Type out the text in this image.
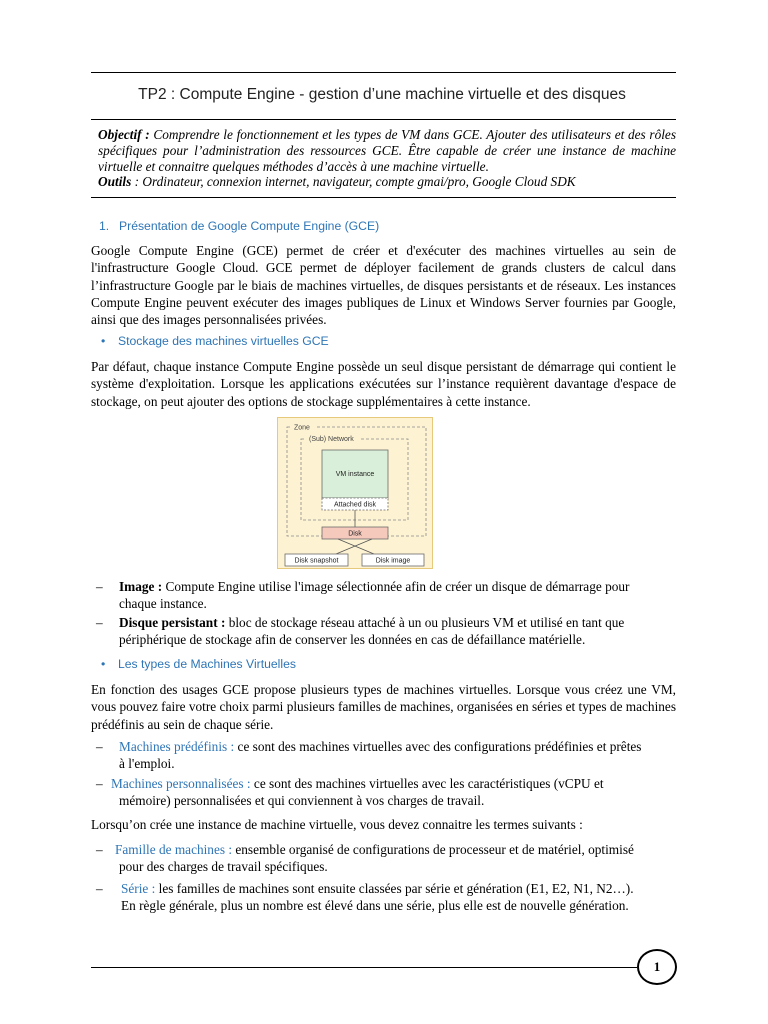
TP2 : Compute Engine - gestion d’une machine virtuelle et des disques
Objectif : Comprendre le fonctionnement et les types de VM dans GCE. Ajouter des utilisateurs et des rôles spécifiques pour l’administration des ressources GCE. Être capable de créer une instance de machine virtuelle et connaitre quelques méthodes d’accès à une machine virtuelle.
Outils : Ordinateur, connexion internet, navigateur, compte gmai/pro, Google Cloud SDK
1. Présentation de Google Compute Engine (GCE)
Google Compute Engine (GCE) permet de créer et d'exécuter des machines virtuelles au sein de l'infrastructure Google Cloud. GCE permet de déployer facilement de grands clusters de calcul dans l’infrastructure Google par le biais de machines virtuelles, de disques persistants et de réseaux. Les instances Compute Engine peuvent exécuter des images publiques de Linux et Windows Server fournies par Google, ainsi que des images personnalisées privées.
• Stockage des machines virtuelles GCE
Par défaut, chaque instance Compute Engine possède un seul disque persistant de démarrage qui contient le système d'exploitation. Lorsque les applications exécutées sur l’instance requièrent davantage d'espace de stockage, on peut ajouter des options de stockage supplémentaires à cette instance.
Zone
(Sub) Network
VM instance
Attached disk
Disk
Disk snapshot	Disk image
–	Image : Compute Engine utilise l'image sélectionnée afin de créer un disque de démarrage pour
chaque instance.
–	Disque persistant : bloc de stockage réseau attaché à un ou plusieurs VM et utilisé en tant que
périphérique de stockage afin de conserver les données en cas de défaillance matérielle.
• Les types de Machines Virtuelles
En fonction des usages GCE propose plusieurs types de machines virtuelles. Lorsque vous créez une VM, vous pouvez faire votre choix parmi plusieurs familles de machines, organisées en séries et types de machines prédéfinis au sein de chaque série.
–	Machines prédéfinis : ce sont des machines virtuelles avec des configurations prédéfinies et prêtes
à l'emploi.
– Machines personnalisées : ce sont des machines virtuelles avec les caractéristiques (vCPU et
mémoire) personnalisées et qui conviennent à vos charges de travail.
Lorsqu’on crée une instance de machine virtuelle, vous devez connaitre les termes suivants :
– Famille de machines : ensemble organisé de configurations de processeur et de matériel, optimisé
pour des charges de travail spécifiques.
–	Série : les familles de machines sont ensuite classées par série et génération (E1, E2, N1, N2…).
En règle générale, plus un nombre est élevé dans une série, plus elle est de nouvelle génération.
1
